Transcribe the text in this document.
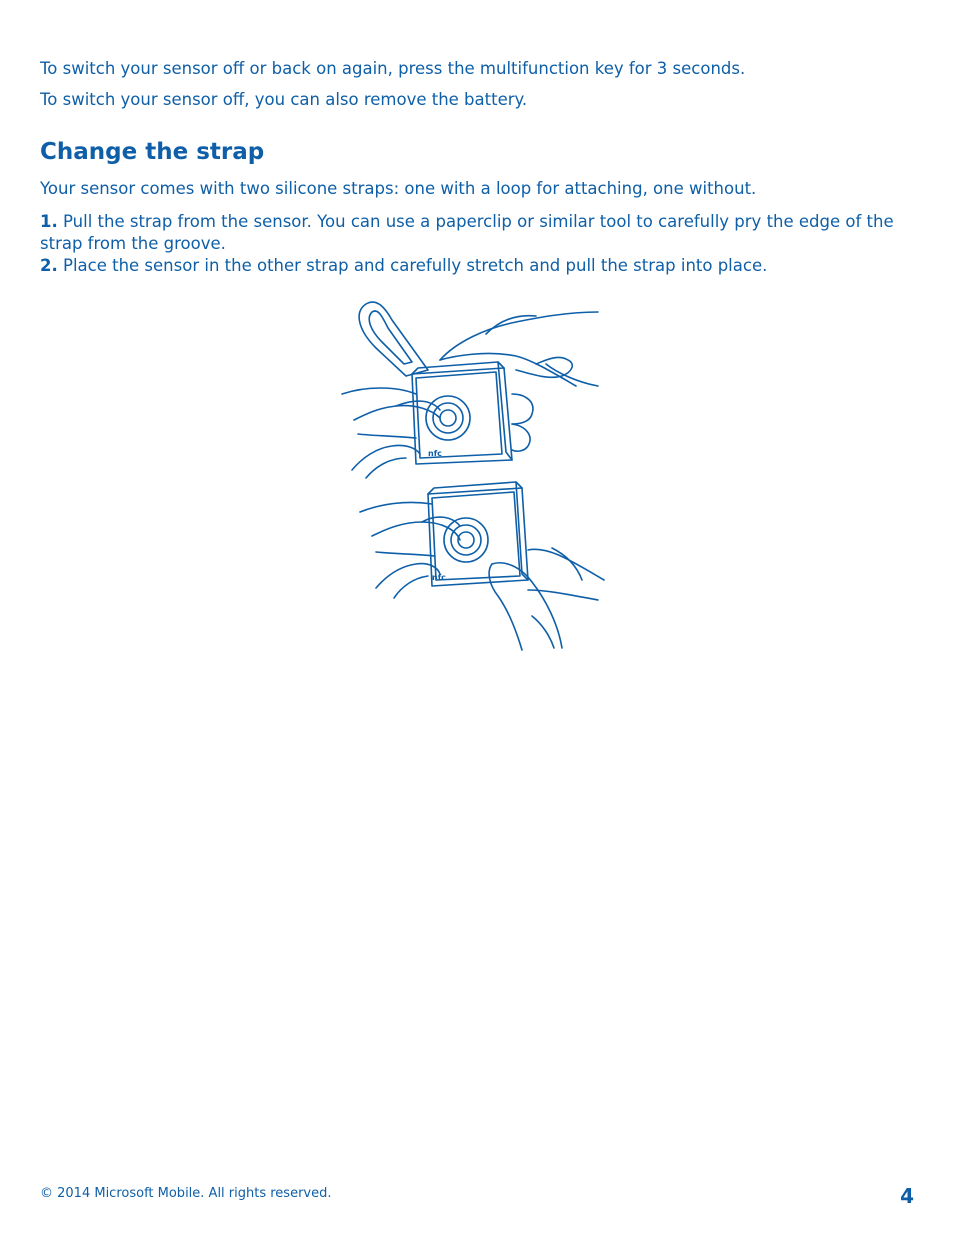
To switch your sensor off or back on again, press the multifunction key for 3 seconds.

To switch your sensor off, you can also remove the battery.

Change the strap

Your sensor comes with two silicone straps: one with a loop for attaching, one without.

1. Pull the strap from the sensor. You can use a paperclip or similar tool to carefully pry the edge of the strap from the groove.
2. Place the sensor in the other strap and carefully stretch and pull the strap into place.
nfc
nfc

© 2014 Microsoft Mobile. All rights reserved.	4
